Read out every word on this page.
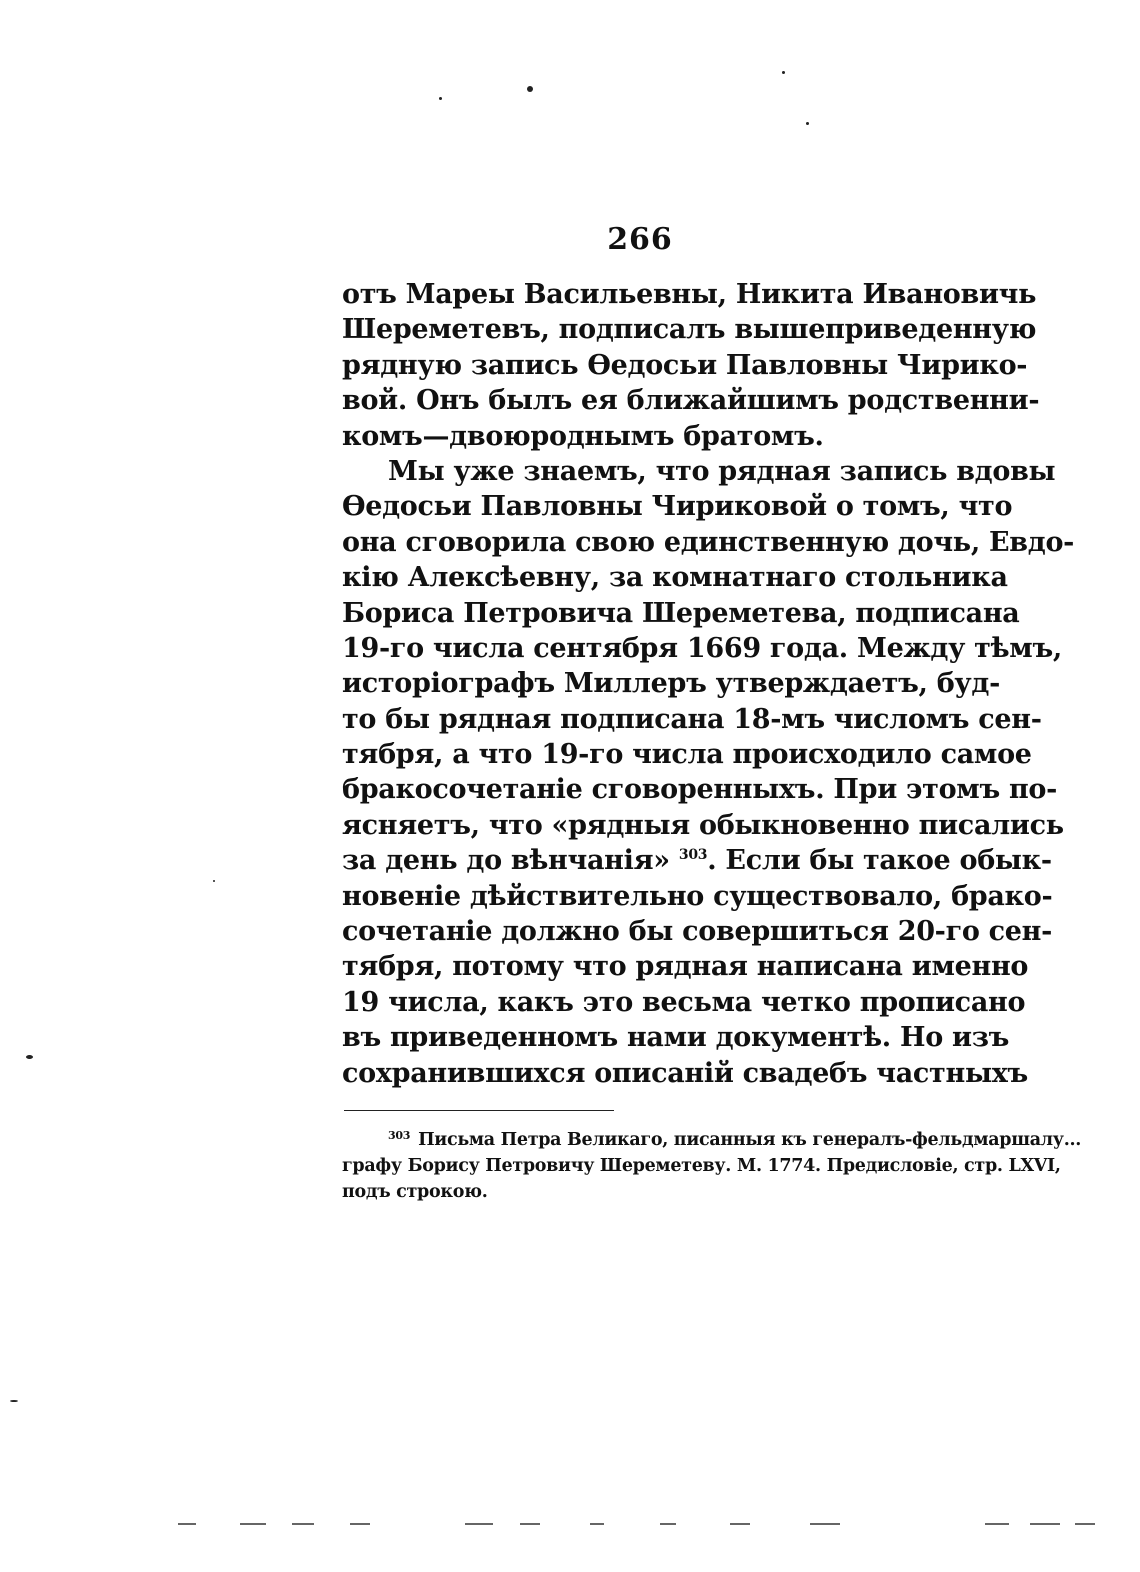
266
отъ Мареы Васильевны, Никита Ивановичь
Шереметевъ, подписалъ вышеприведенную
рядную запись Өедосьи Павловны Чирико-
вой. Онъ былъ ея ближайшимъ родственни-
комъ—двоюроднымъ братомъ.
Мы уже знаемъ, что рядная запись вдовы
Өедосьи Павловны Чириковой о томъ, что
она сговорила свою единственную дочь, Евдо-
кію Алексѣевну, за комнатнаго стольника
Бориса Петровича Шереметева, подписана
19-го числа сентября 1669 года. Между тѣмъ,
исторіографъ Миллеръ утверждаетъ, буд-
то бы рядная подписана 18-мъ числомъ сен-
тября, а что 19-го числа происходило самое
бракосочетаніе сговоренныхъ. При этомъ по-
ясняетъ, что «рядныя обыкновенно писались
за день до вѣнчанія» $^{303}$. Если бы такое обык-
новеніе дѣйствительно существовало, брако-
сочетаніе должно бы совершиться 20-го сен-
тября, потому что рядная написана именно
19 числа, какъ это весьма четко прописано
въ приведенномъ нами документѣ. Но изъ
сохранившихся описаній свадебъ частныхъ
$^{303}$ Письма Петра Великаго, писанныя къ генералъ-фельдмаршалу...
графу Борису Петровичу Шереметеву. М. 1774. Предисловіе, стр. LXVI,
подъ строкою.
